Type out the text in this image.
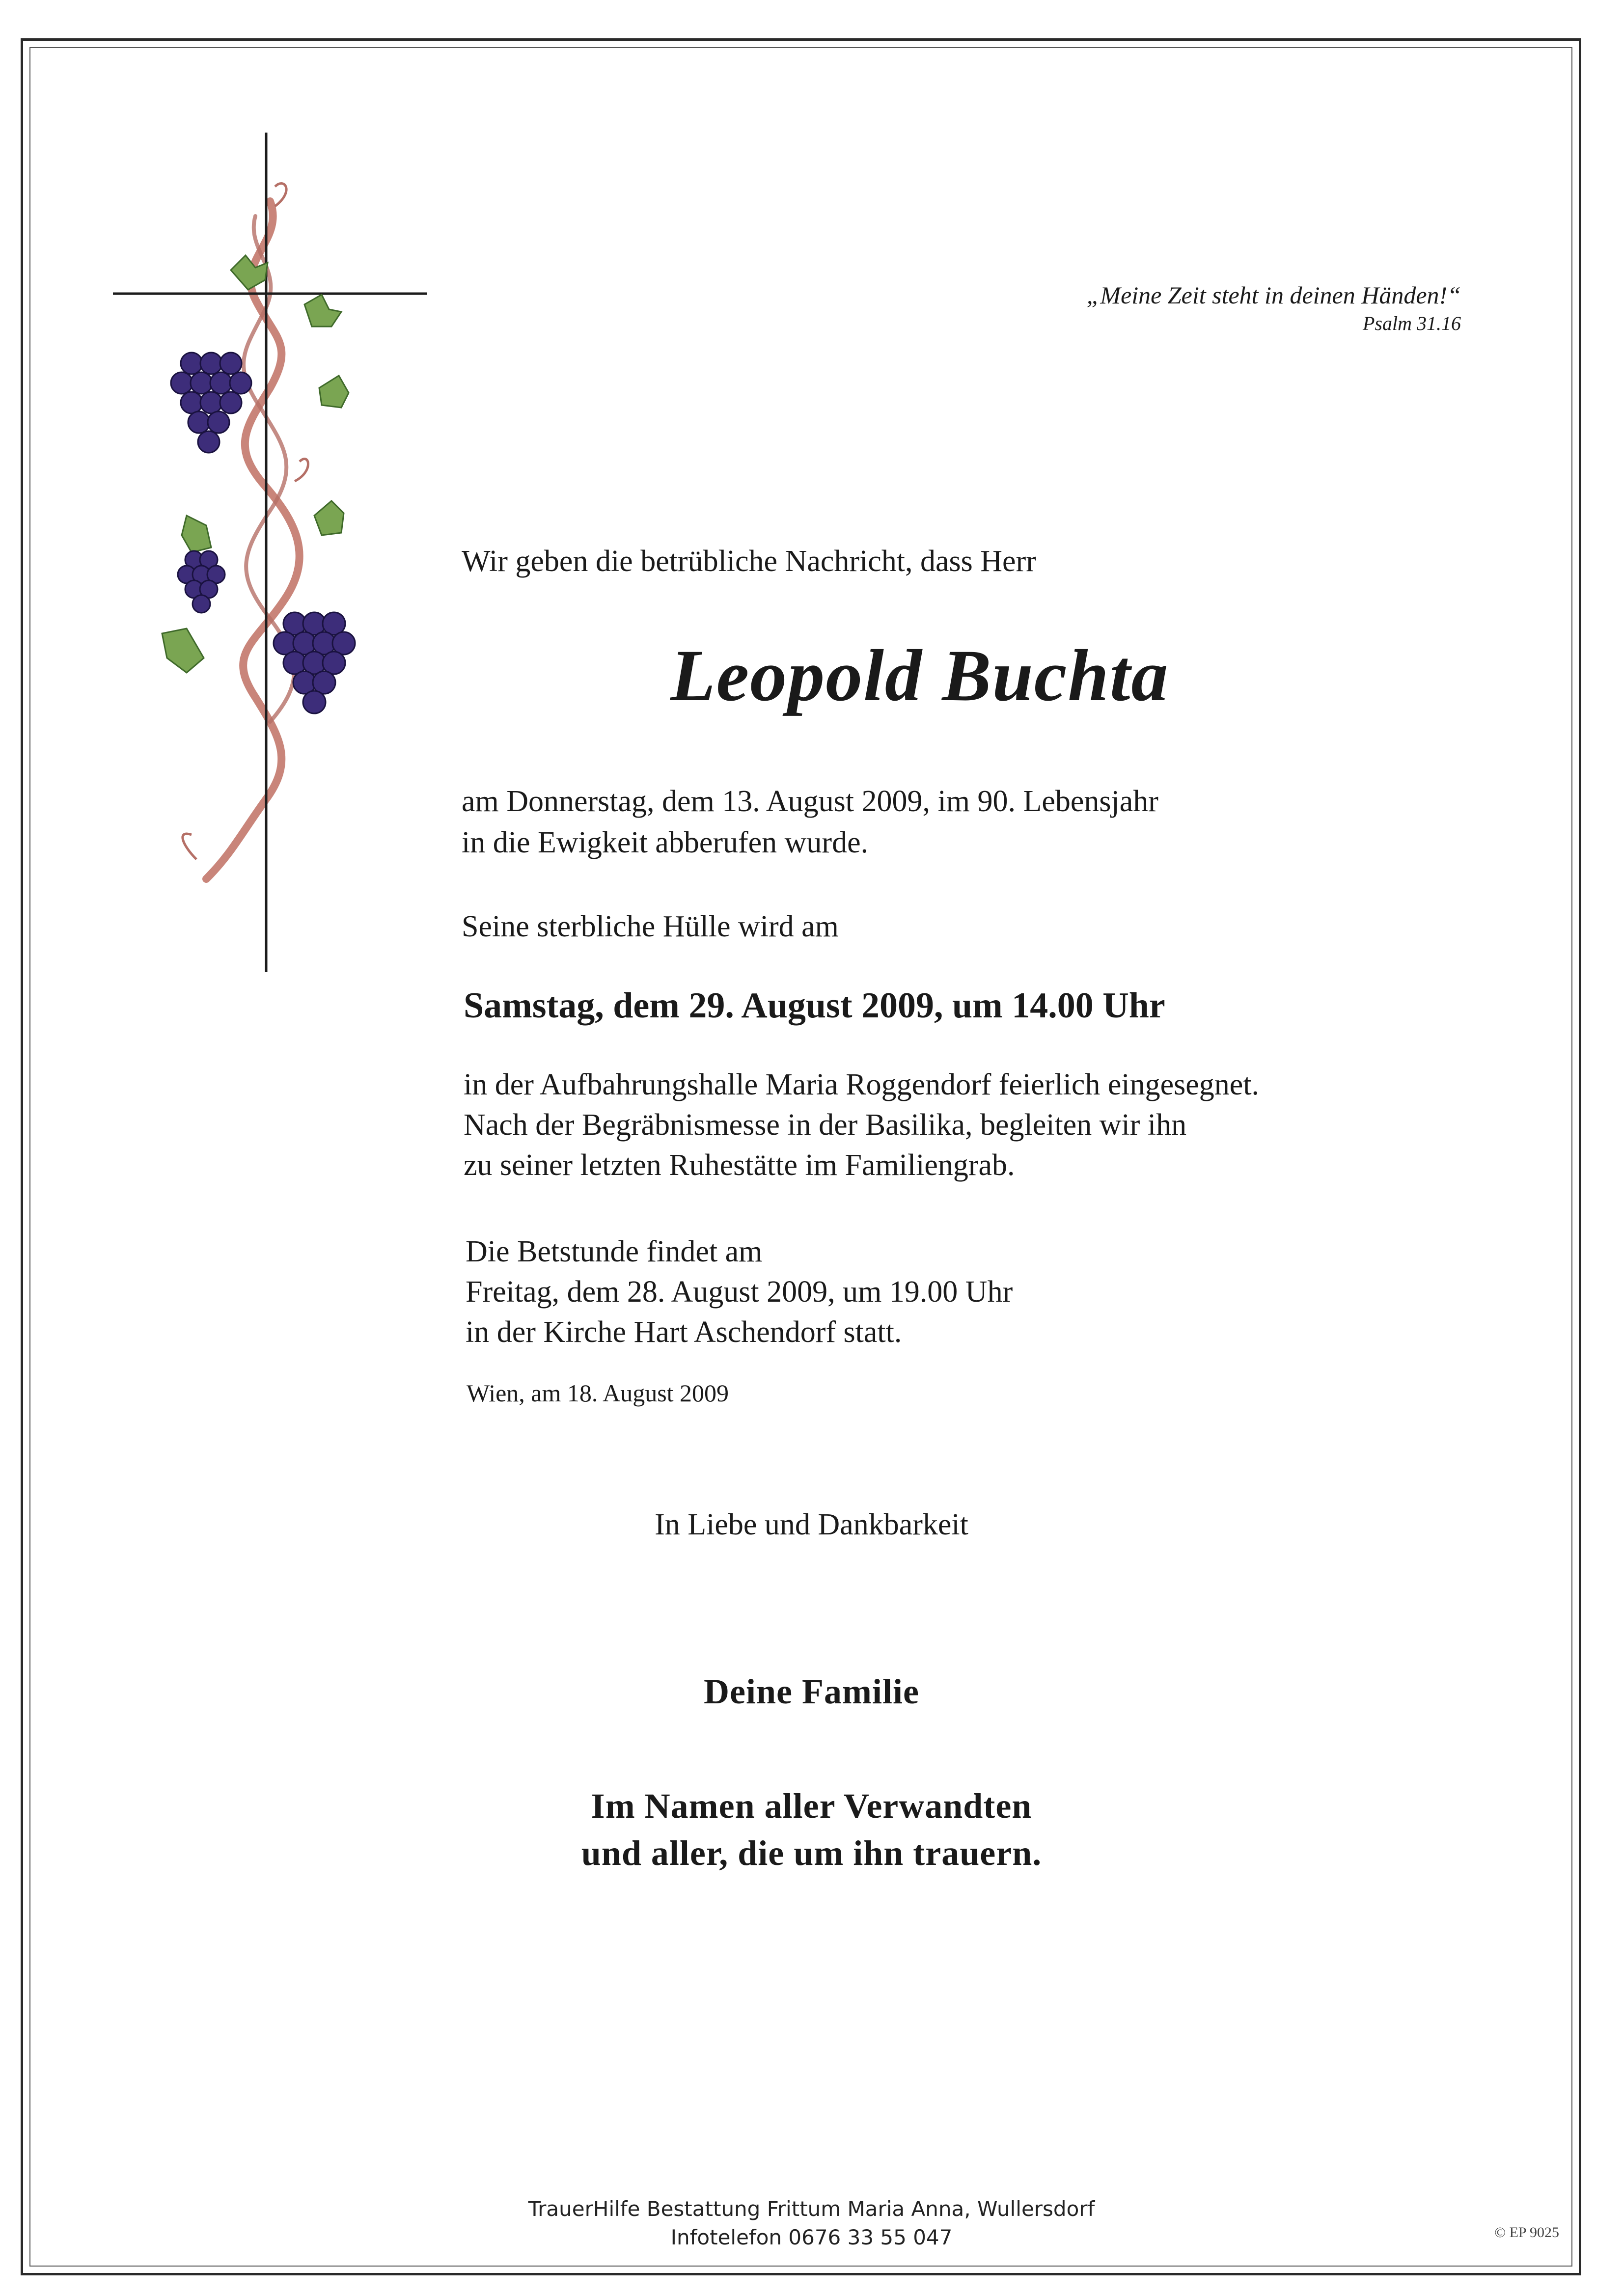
„Meine Zeit steht in deinen Händen!“
Psalm 31.16
Wir geben die betrübliche Nachricht, dass Herr
Leopold Buchta
am Donnerstag, dem 13. August 2009, im 90. Lebensjahr
in die Ewigkeit abberufen wurde.
Seine sterbliche Hülle wird am
Samstag, dem 29. August 2009, um 14.00 Uhr
in der Aufbahrungshalle Maria Roggendorf feierlich eingesegnet.
Nach der Begräbnismesse in der Basilika, begleiten wir ihn
zu seiner letzten Ruhestätte im Familiengrab.
Die Betstunde findet am
Freitag, dem 28. August 2009, um 19.00 Uhr
in der Kirche Hart Aschendorf statt.
Wien, am 18. August 2009
In Liebe und Dankbarkeit
Deine Familie
Im Namen aller Verwandten
und aller, die um ihn trauern.
TrauerHilfe Bestattung Frittum Maria Anna, Wullersdorf
Infotelefon 0676 33 55 047	© EP 9025
